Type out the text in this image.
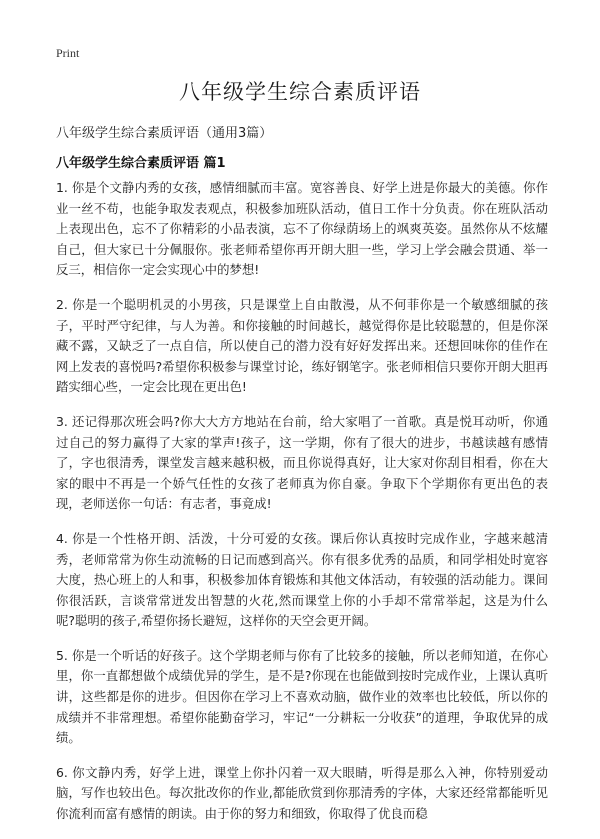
Print
八年级学生综合素质评语

八年级学生综合素质评语（通用3篇）

八年级学生综合素质评语 篇1

1. 你是个文静内秀的女孩，感情细腻而丰富。宽容善良、好学上进是你最大的美德。你作业一丝不苟，也能争取发表观点，积极参加班队活动，值日工作十分负责。你在班队活动上表现出色，忘不了你精彩的小品表演，忘不了你绿荫场上的飒爽英姿。虽然你从不炫耀自己，但大家已十分佩服你。张老师希望你再开朗大胆一些，学习上学会融会贯通、举一反三，相信你一定会实现心中的梦想!

2. 你是一个聪明机灵的小男孩，只是课堂上自由散漫，从不何菲你是一个敏感细腻的孩子，平时严守纪律，与人为善。和你接触的时间越长，越觉得你是比较聪慧的，但是你深藏不露，又缺乏了一点自信，所以使自己的潜力没有好好发挥出来。还想回味你的佳作在网上发表的喜悦吗?希望你积极参与课堂讨论，练好钢笔字。张老师相信只要你开朗大胆再踏实细心些，一定会比现在更出色!

3. 还记得那次班会吗?你大大方方地站在台前，给大家唱了一首歌。真是悦耳动听，你通过自己的努力赢得了大家的掌声!孩子，这一学期，你有了很大的进步，书越读越有感情了，字也很清秀，课堂发言越来越积极，而且你说得真好，让大家对你刮目相看，你在大家的眼中不再是一个娇气任性的女孩了老师真为你自豪。争取下个学期你有更出色的表现，老师送你一句话：有志者，事竟成!

4. 你是一个性格开朗、活泼，十分可爱的女孩。课后你认真按时完成作业，字越来越清秀，老师常常为你生动流畅的日记而感到高兴。你有很多优秀的品质，和同学相处时宽容大度，热心班上的人和事，积极参加体育锻炼和其他文体活动，有较强的活动能力。课间你很活跃，言谈常常迸发出智慧的火花,然而课堂上你的小手却不常常举起，这是为什么呢?聪明的孩子,希望你扬长避短，这样你的天空会更开阔。

5. 你是一个听话的好孩子。这个学期老师与你有了比较多的接触，所以老师知道，在你心里，你一直都想做个成绩优异的学生，是不是?你现在也能做到按时完成作业，上课认真听讲，这些都是你的进步。但因你在学习上不喜欢动脑，做作业的效率也比较低，所以你的成绩并不非常理想。希望你能勤奋学习，牢记“一分耕耘一分收获”的道理，争取优异的成绩。

6. 你文静内秀，好学上进，课堂上你扑闪着一双大眼睛，听得是那么入神，你特别爱动脑，写作也较出色。每次批改你的作业,都能欣赏到你那清秀的字体，大家还经常都能听见你流利而富有感情的朗读。由于你的努力和细致，你取得了优良而稳
